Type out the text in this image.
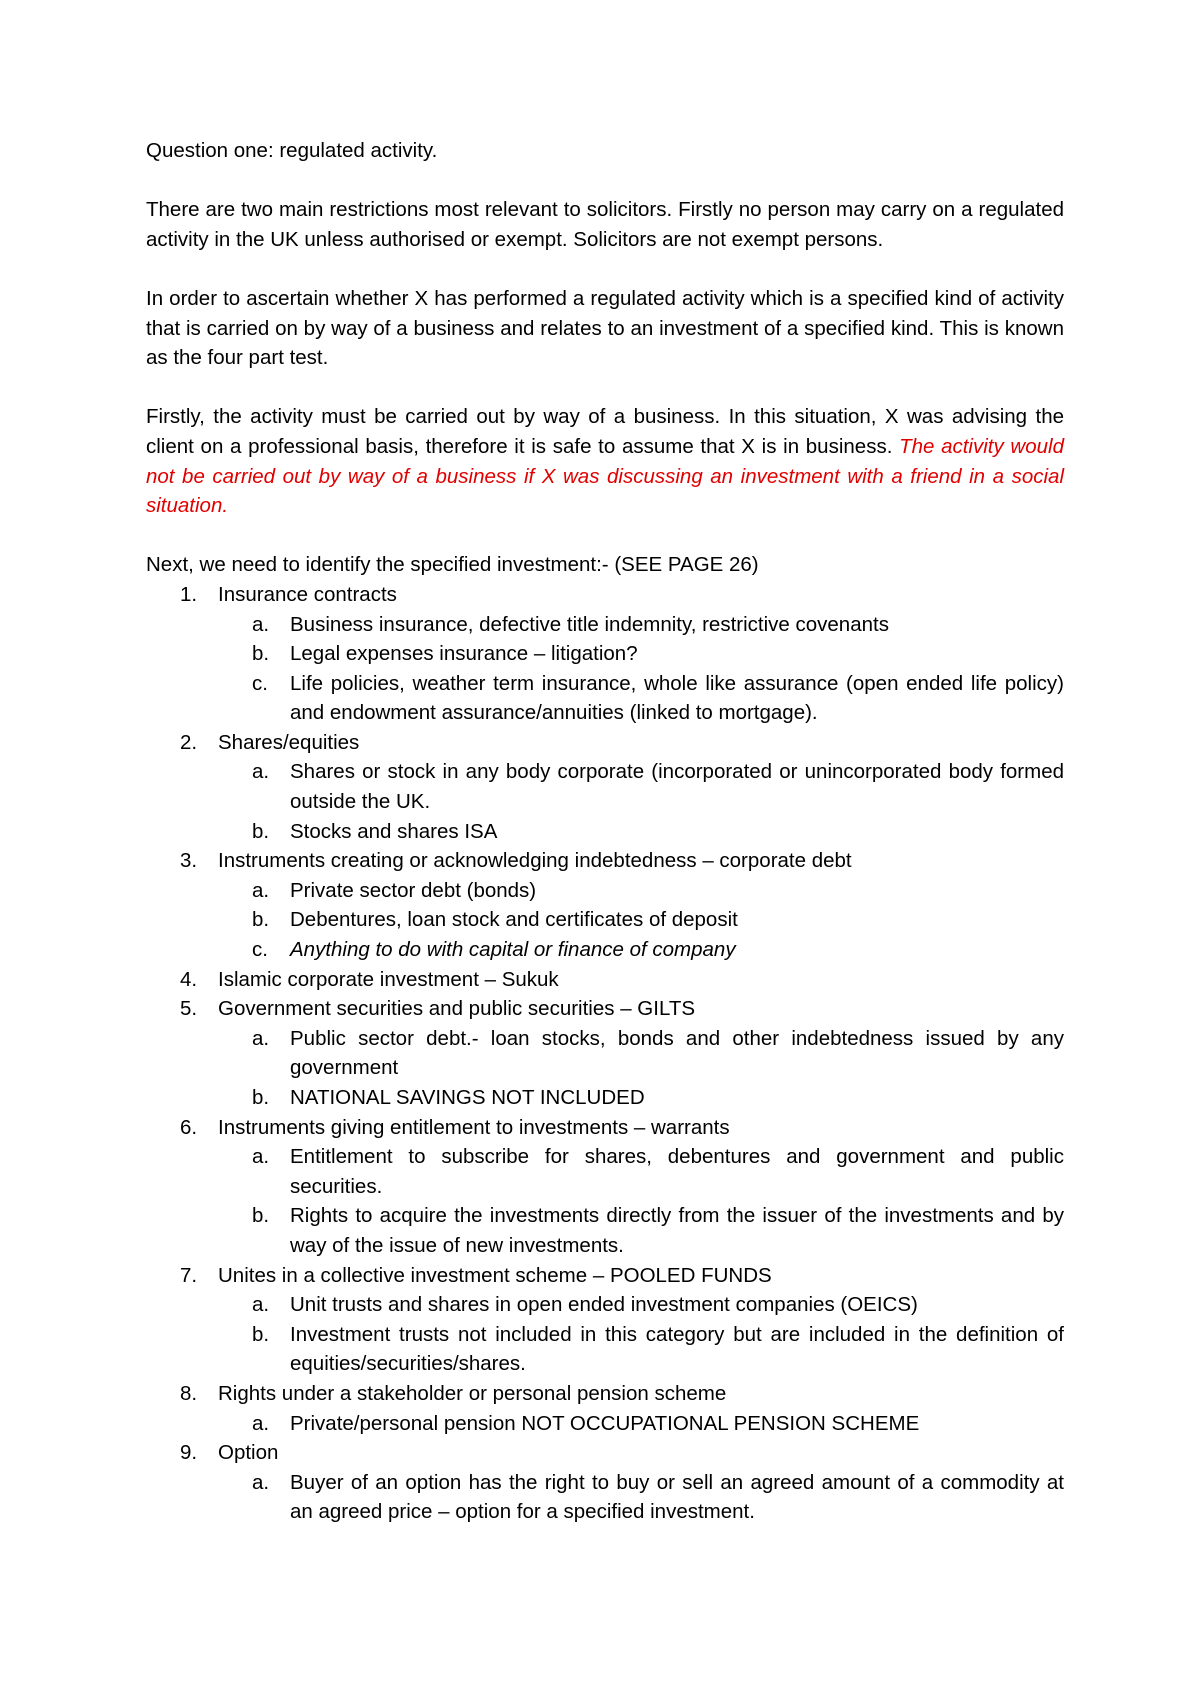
Question one: regulated activity.

There are two main restrictions most relevant to solicitors. Firstly no person may carry on a regulated activity in the UK unless authorised or exempt. Solicitors are not exempt persons.

In order to ascertain whether X has performed a regulated activity which is a specified kind of activity that is carried on by way of a business and relates to an investment of a specified kind. This is known as the four part test.

Firstly, the activity must be carried out by way of a business. In this situation, X was advising the client on a professional basis, therefore it is safe to assume that X is in business. The activity would not be carried out by way of a business if X was discussing an investment with a friend in a social situation.

Next, we need to identify the specified investment:- (SEE PAGE 26)

1. Insurance contracts
a. Business insurance, defective title indemnity, restrictive covenants
b. Legal expenses insurance – litigation?
c. Life policies, weather term insurance, whole like assurance (open ended life policy) and endowment assurance/annuities (linked to mortgage).
2. Shares/equities
a. Shares or stock in any body corporate (incorporated or unincorporated body formed outside the UK.
b. Stocks and shares ISA
3. Instruments creating or acknowledging indebtedness – corporate debt
a. Private sector debt (bonds)
b. Debentures, loan stock and certificates of deposit
c. Anything to do with capital or finance of company
4. Islamic corporate investment – Sukuk
5. Government securities and public securities – GILTS
a. Public sector debt.- loan stocks, bonds and other indebtedness issued by any government
b. NATIONAL SAVINGS NOT INCLUDED
6. Instruments giving entitlement to investments – warrants
a. Entitlement to subscribe for shares, debentures and government and public securities.
b. Rights to acquire the investments directly from the issuer of the investments and by way of the issue of new investments.
7. Unites in a collective investment scheme – POOLED FUNDS
a. Unit trusts and shares in open ended investment companies (OEICS)
b. Investment trusts not included in this category but are included in the definition of equities/securities/shares.
8. Rights under a stakeholder or personal pension scheme
a. Private/personal pension NOT OCCUPATIONAL PENSION SCHEME
9. Option
a. Buyer of an option has the right to buy or sell an agreed amount of a commodity at an agreed price – option for a specified investment.
